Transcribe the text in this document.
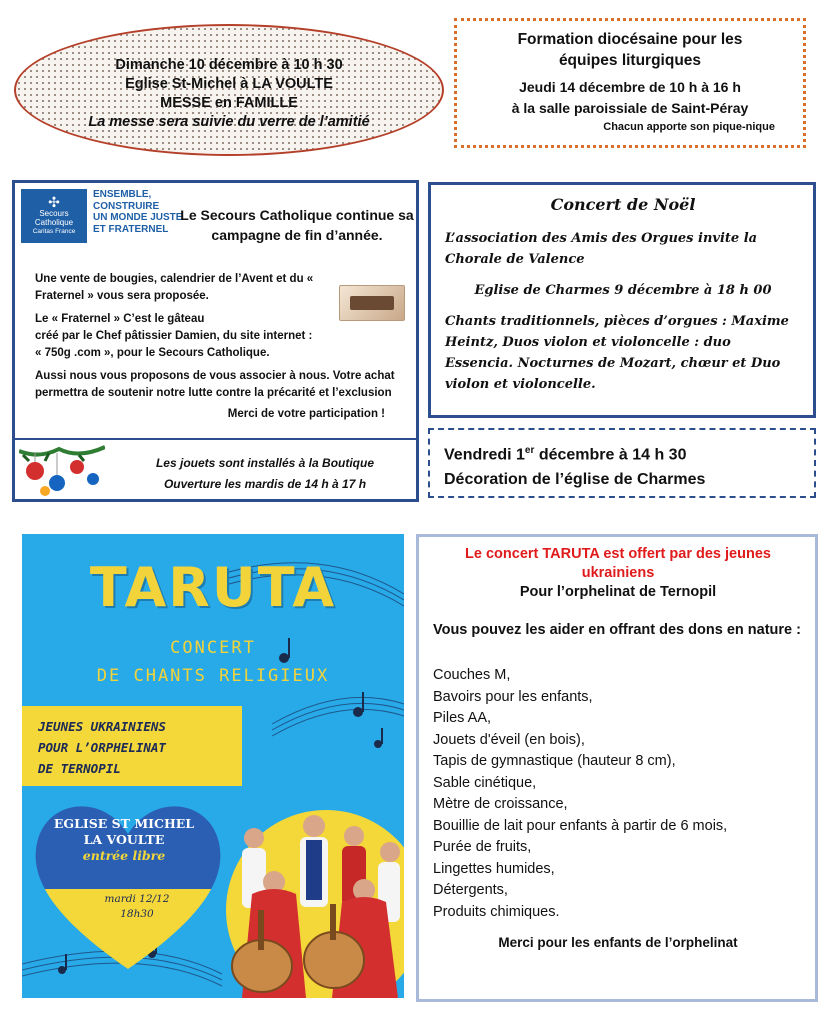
Dimanche 10 décembre à 10 h 30
Eglise St-Michel à LA VOULTE
MESSE en FAMILLE
La messe sera suivie du verre de l’amitié
Formation diocésaine pour les
équipes liturgiques
Jeudi 14 décembre de 10 h à 16 h
à la salle paroissiale de Saint-Péray
Chacun apporte son pique-nique
✣
Secours
Catholique
Caritas France
ENSEMBLE,
CONSTRUIRE
UN MONDE JUSTE
ET FRATERNEL
Le Secours Catholique continue sa campagne de fin d’année.

Une vente de bougies, calendrier de l’Avent et du « Fraternel » vous sera proposée.

Le « Fraternel » C’est le gâteau
créé par le Chef pâtissier Damien, du site internet :
« 750g .com », pour le Secours Catholique.

Aussi nous vous proposons de vous associer à nous. Votre achat permettra de soutenir notre lutte contre la précarité et l’exclusion

Merci de votre participation !

Les jouets sont installés à la Boutique
Ouverture les mardis de 14 h à 17 h
Concert de Noël

L’association des Amis des Orgues invite la Chorale de Valence

Eglise de Charmes 9 décembre à 18 h 00

Chants traditionnels, pièces d’orgues : Maxime Heintz, Duos violon et violoncelle : duo Essencia. Nocturnes de Mozart, chœur et Duo violon et violoncelle.

Vendredi 1er décembre à 14 h 30
Décoration de l’église de Charmes
TARUTA
CONCERT
DE CHANTS RELIGIEUX
JEUNES UKRAINIENS
POUR L’ORPHELINAT
DE TERNOPIL
EGLISE ST MICHEL
LA VOULTE
entrée libre
mardi 12/12
18h30
Le concert TARUTA est offert par des jeunes ukrainiens
Pour l’orphelinat de Ternopil
Vous pouvez les aider en offrant des dons en nature :
Couches M,
Bavoirs pour les enfants,
Piles AA,
Jouets d'éveil (en bois),
Tapis de gymnastique (hauteur 8 cm),
Sable cinétique,
Mètre de croissance,
Bouillie de lait pour enfants à partir de 6 mois,
Purée de fruits,
Lingettes humides,
Détergents,
Produits chimiques.
Merci pour les enfants de l’orphelinat
